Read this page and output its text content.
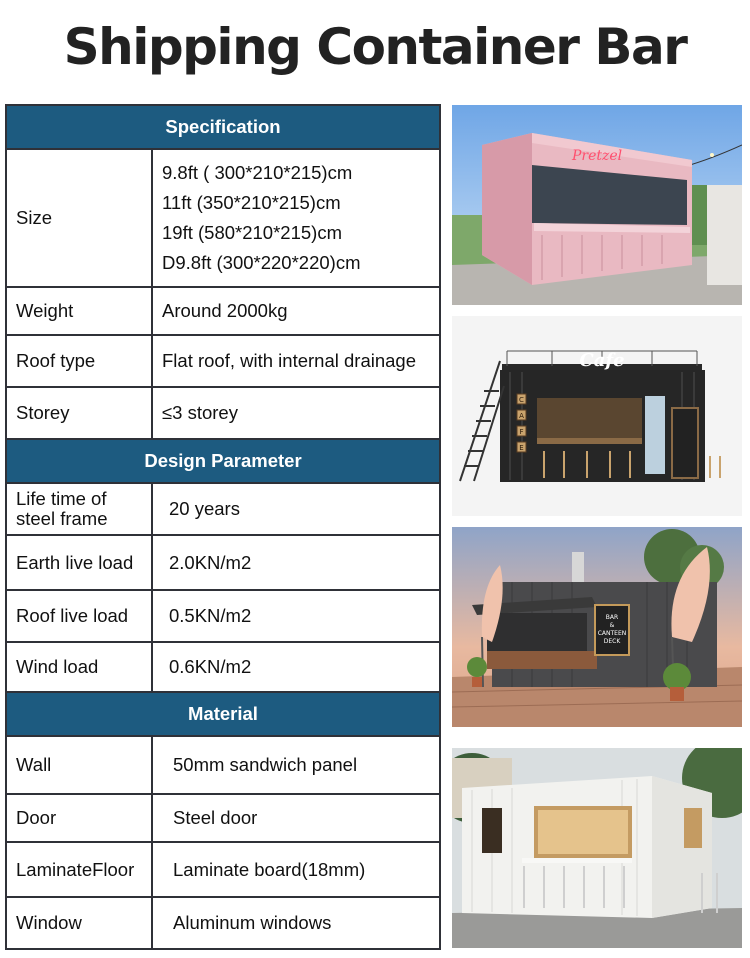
Shipping Container Bar
Specification	
Size	9.8ft ( 300*210*215)cm
11ft (350*210*215)cm
19ft (580*210*215)cm
D9.8ft (300*220*220)cm

Weight	Around 2000kg
Roof type	Flat roof, with internal drainage
Storey	≤3 storey
Design Parameter	

Life time of
steel frame	20 years
Earth live load	2.0KN/m2
Roof live load	0.5KN/m2
Wind load	0.6KN/m2
Material	
Wall	50mm sandwich panel
Door	Steel door
LaminateFloor	Laminate board(18mm)
Window	Aluminum windows
Pretzel
Cafe
C
A
F
E
BAR
&
CANTEEN
DECK
